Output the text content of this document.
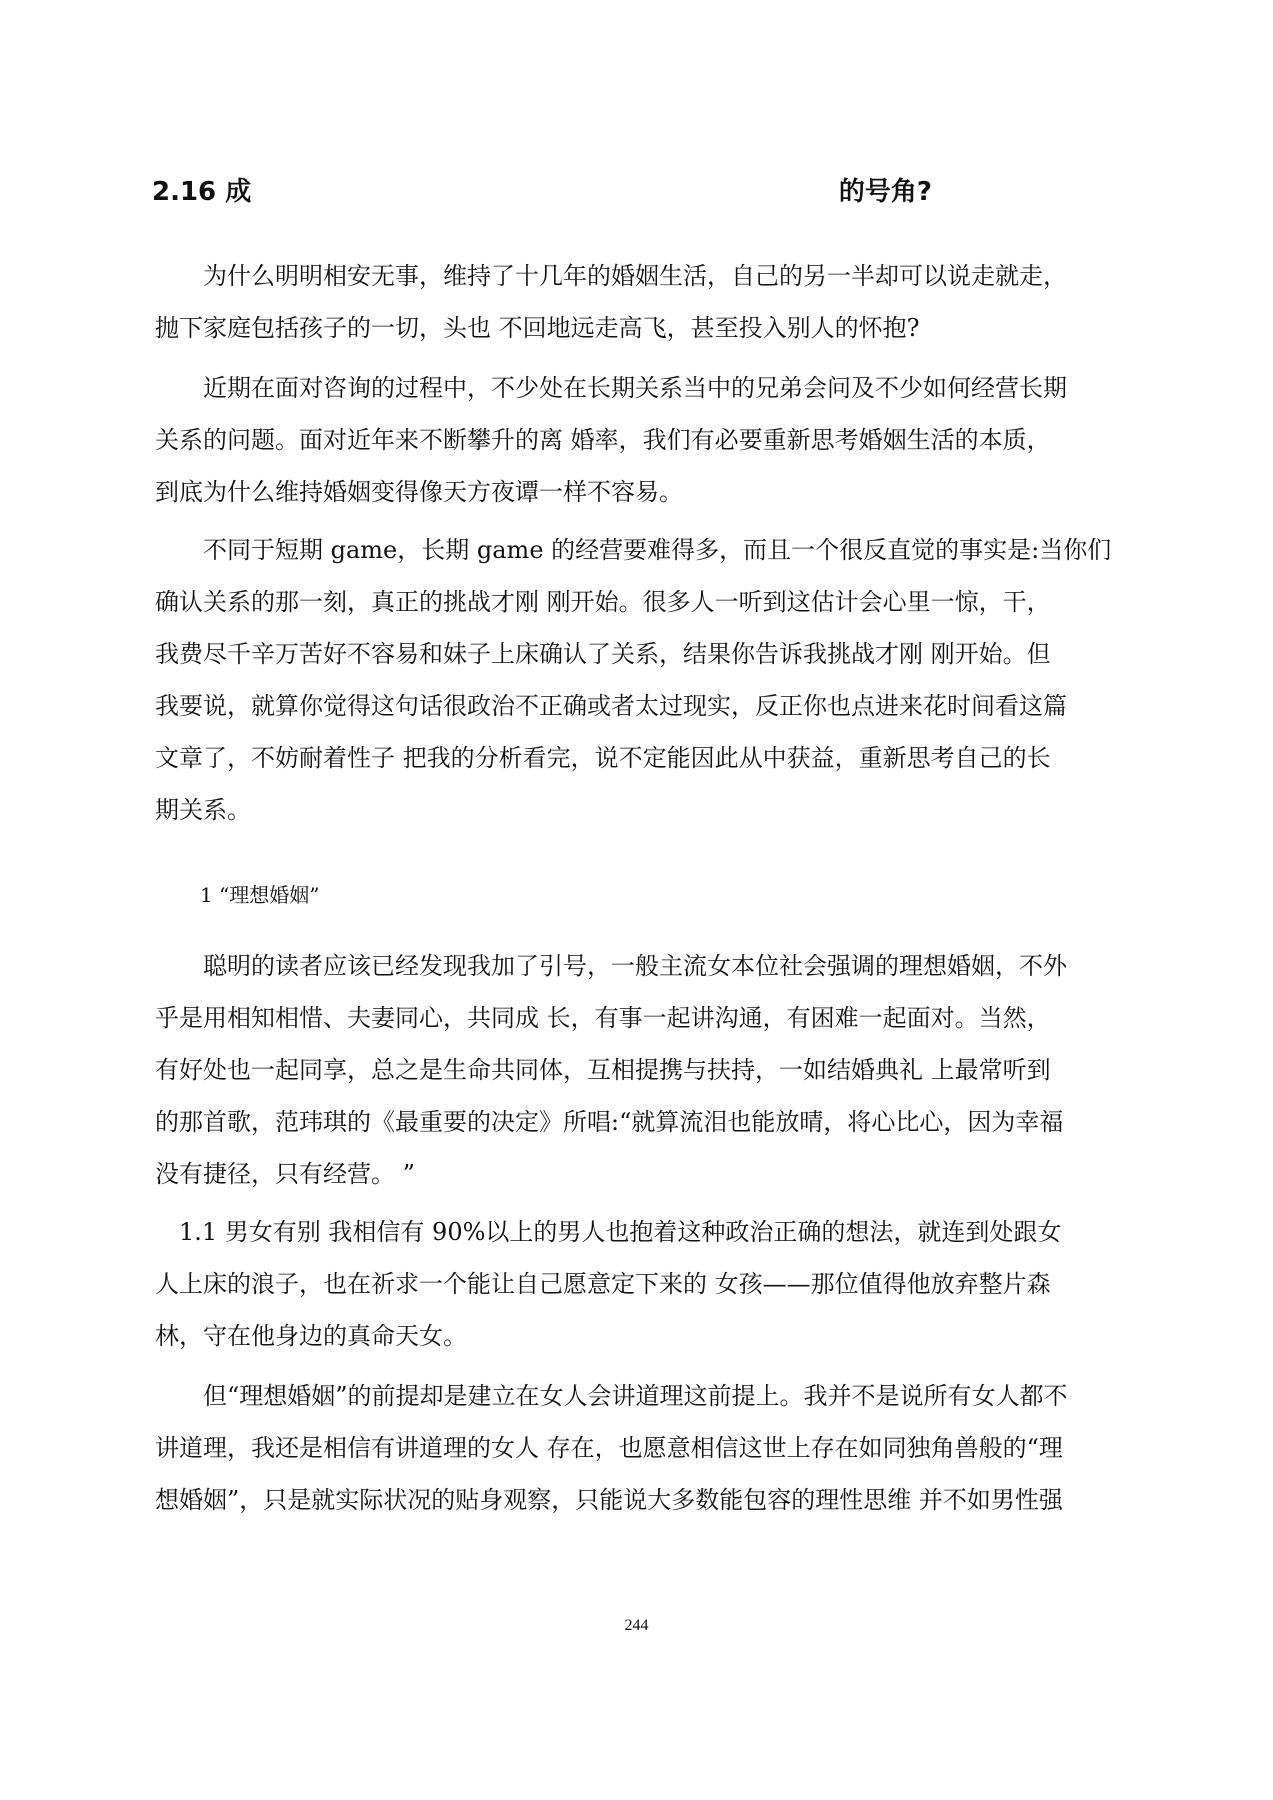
2.16 成	的号角?

　　为什么明明相安无事，维持了十几年的婚姻生活，自己的另一半却可以说走就走，
抛下家庭包括孩子的一切，头也 不回地远走高飞，甚至投入别人的怀抱?

　　近期在面对咨询的过程中，不少处在长期关系当中的兄弟会问及不少如何经营长期
关系的问题。面对近年来不断攀升的离 婚率，我们有必要重新思考婚姻生活的本质，
到底为什么维持婚姻变得像天方夜谭一样不容易。

　　不同于短期 game，长期 game 的经营要难得多，而且一个很反直觉的事实是:当你们
确认关系的那一刻，真正的挑战才刚 刚开始。很多人一听到这估计会心里一惊，干，
我费尽千辛万苦好不容易和妹子上床确认了关系，结果你告诉我挑战才刚 刚开始。但
我要说，就算你觉得这句话很政治不正确或者太过现实，反正你也点进来花时间看这篇
文章了，不妨耐着性子 把我的分析看完，说不定能因此从中获益，重新思考自己的长
期关系。

1 “理想婚姻”

　　聪明的读者应该已经发现我加了引号，一般主流女本位社会强调的理想婚姻，不外
乎是用相知相惜、夫妻同心，共同成 长，有事一起讲沟通，有困难一起面对。当然，
有好处也一起同享，总之是生命共同体，互相提携与扶持，一如结婚典礼 上最常听到
的那首歌，范玮琪的《最重要的决定》所唱:“就算流泪也能放晴，将心比心，因为幸福
没有捷径，只有经营。 ”

　1.1 男女有别 我相信有 90%以上的男人也抱着这种政治正确的想法，就连到处跟女
人上床的浪子，也在祈求一个能让自己愿意定下来的 女孩——那位值得他放弃整片森
林，守在他身边的真命天女。

　　但“理想婚姻”的前提却是建立在女人会讲道理这前提上。我并不是说所有女人都不
讲道理，我还是相信有讲道理的女人 存在，也愿意相信这世上存在如同独角兽般的“理
想婚姻”，只是就实际状况的贴身观察，只能说大多数能包容的理性思维 并不如男性强

244
